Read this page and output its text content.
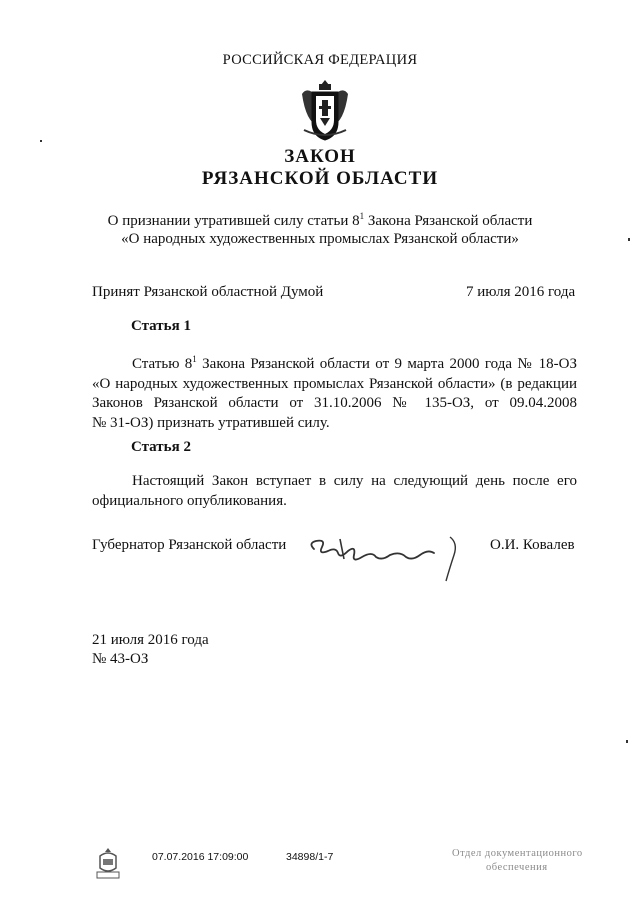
РОССИЙСКАЯ ФЕДЕРАЦИЯ
ЗАКОН
РЯЗАНСКОЙ ОБЛАСТИ
О признании утратившей силу статьи $8^1$ Закона Рязанской области
«О народных художественных промыслах Рязанской области»
Принят Рязанской областной Думой	7 июля 2016 года
Статья 1
Статью $8^1$ Закона Рязанской области от 9 марта 2000 года № 18-ОЗ
«О народных художественных промыслах Рязанской области» (в редакции
Законов Рязанской области от 31.10.2006 № 135-ОЗ, от 09.04.2008
№ 31-ОЗ) признать утратившей силу.
Статья 2
Настоящий Закон вступает в силу на следующий день после его
официального опубликования.
Губернатор Рязанской области	О.И. Ковалев
21 июля 2016 года
№ 43-ОЗ
07.07.2016 17:09:00	34898/1-7	Отдел документационного
обеспечения
